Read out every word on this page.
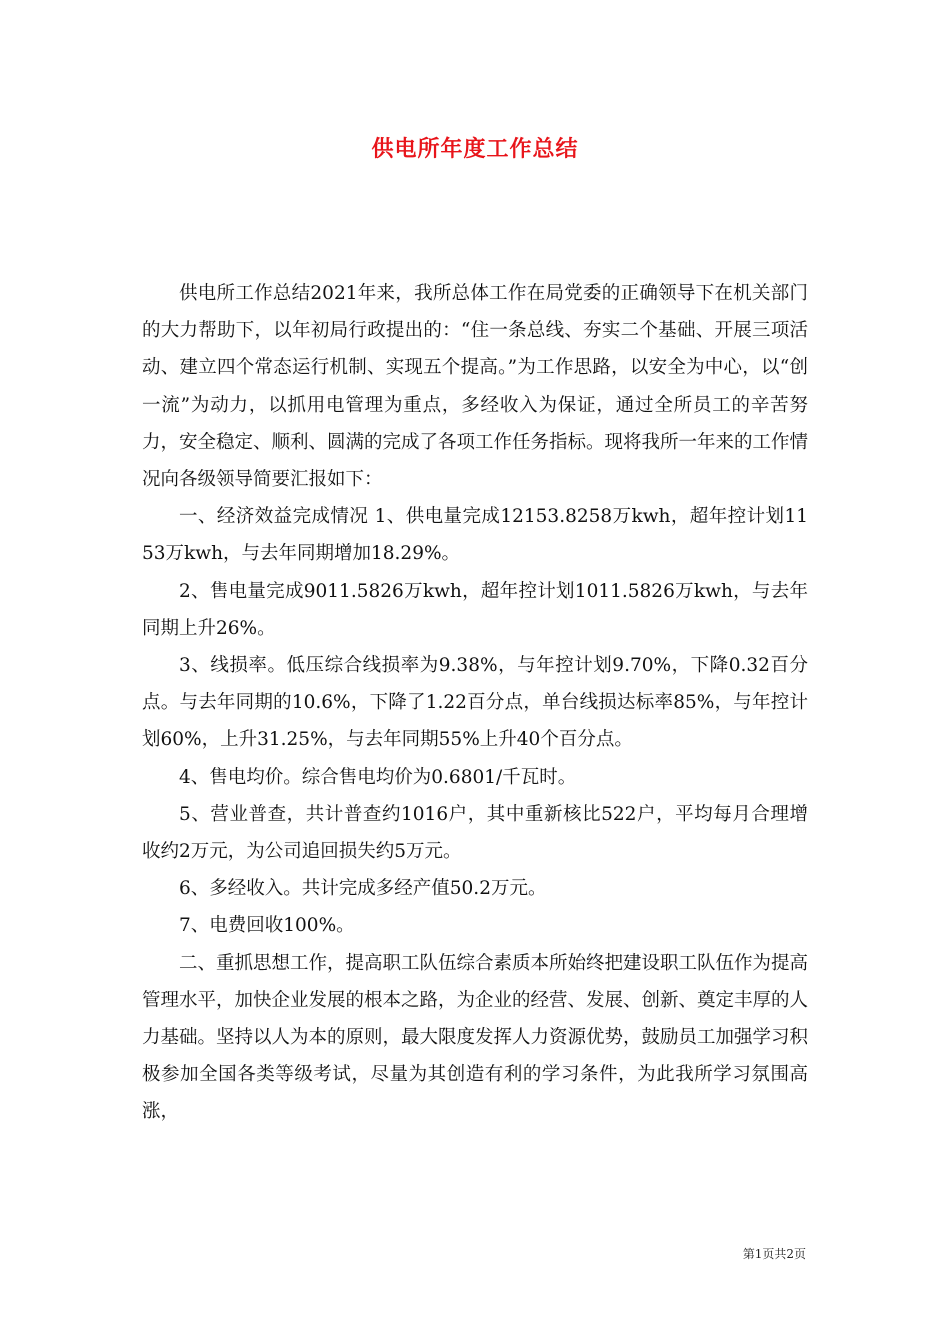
供电所年度工作总结

供电所工作总结2021年来，我所总体工作在局党委的正确领导下在机关部门的大力帮助下，以年初局行政提出的：“住一条总线、夯实二个基础、开展三项活动、建立四个常态运行机制、实现五个提高。”为工作思路，以安全为中心，以“创一流”为动力，以抓用电管理为重点，多经收入为保证，通过全所员工的辛苦努力，安全稳定、顺利、圆满的完成了各项工作任务指标。现将我所一年来的工作情况向各级领导简要汇报如下：

一、经济效益完成情况 1、供电量完成12153.8258万kwh，超年控计划1153万kwh，与去年同期增加18.29%。

2、售电量完成9011.5826万kwh，超年控计划1011.5826万kwh，与去年同期上升26%。

3、线损率。低压综合线损率为9.38%，与年控计划9.70%，下降0.32百分点。与去年同期的10.6%，下降了1.22百分点，单台线损达标率85%，与年控计划60%，上升31.25%，与去年同期55%上升40个百分点。

4、售电均价。综合售电均价为0.6801/千瓦时。

5、营业普查，共计普查约1016户，其中重新核比522户，平均每月合理增收约2万元，为公司追回损失约5万元。

6、多经收入。共计完成多经产值50.2万元。

7、电费回收100%。

二、重抓思想工作，提高职工队伍综合素质本所始终把建设职工队伍作为提高管理水平，加快企业发展的根本之路，为企业的经营、发展、创新、奠定丰厚的人力基础。坚持以人为本的原则，最大限度发挥人力资源优势，鼓励员工加强学习积极参加全国各类等级考试，尽量为其创造有利的学习条件，为此我所学习氛围高涨，

第1页共2页
